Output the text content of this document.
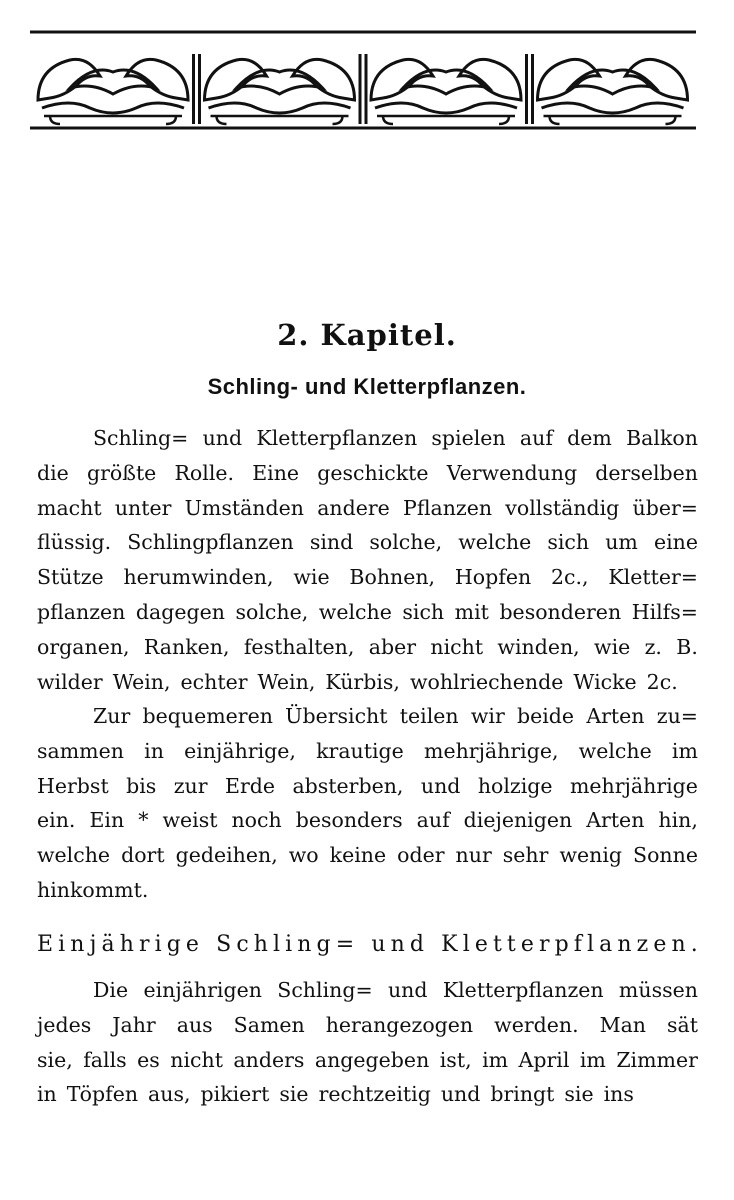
2. Kapitel.
Schling- und Kletterpflanzen.
Schling= und Kletterpflanzen spielen auf dem Balkon
die größte Rolle. Eine geschickte Verwendung derselben
macht unter Umständen andere Pflanzen vollständig über=
flüssig. Schlingpflanzen sind solche, welche sich um eine
Stütze herumwinden, wie Bohnen, Hopfen 2c., Kletter=
pflanzen dagegen solche, welche sich mit besonderen Hilfs=
organen, Ranken, festhalten, aber nicht winden, wie z. B.
wilder Wein, echter Wein, Kürbis, wohlriechende Wicke 2c.
Zur bequemeren Übersicht teilen wir beide Arten zu=
sammen in einjährige, krautige mehrjährige, welche im
Herbst bis zur Erde absterben, und holzige mehrjährige
ein. Ein * weist noch besonders auf diejenigen Arten hin,
welche dort gedeihen, wo keine oder nur sehr wenig Sonne
hinkommt.
Die einjährigen Schling= und Kletterpflanzen müssen
jedes Jahr aus Samen herangezogen werden. Man sät
sie, falls es nicht anders angegeben ist, im April im Zimmer
in Töpfen aus, pikiert sie rechtzeitig und bringt sie ins
E i n j ä h r i g e
S c h l i n g =
u n d
K l e t t e r p f l a n z e n .
